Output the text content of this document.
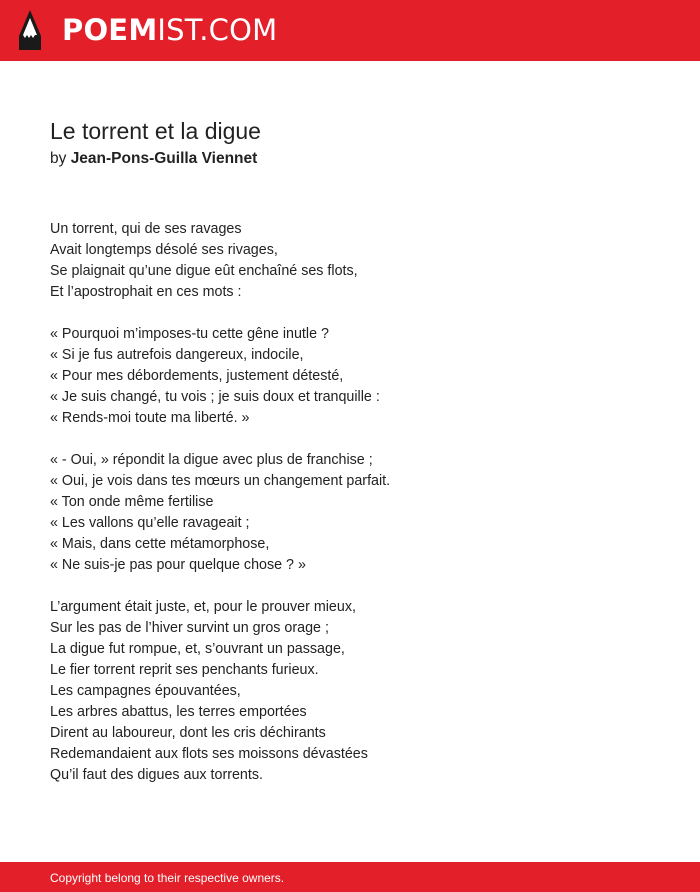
POEMIST.COM
Le torrent et la digue
by Jean-Pons-Guilla Viennet
Un torrent, qui de ses ravages
Avait longtemps désolé ses rivages,
Se plaignait qu’une digue eût enchaîné ses flots,
Et l’apostrophait en ces mots :
« Pourquoi m’imposes-tu cette gêne inutle ?
« Si je fus autrefois dangereux, indocile,
« Pour mes débordements, justement détesté,
« Je suis changé, tu vois ; je suis doux et tranquille :
« Rends-moi toute ma liberté. »
« - Oui, » répondit la digue avec plus de franchise ;
« Oui, je vois dans tes mœurs un changement parfait.
« Ton onde même fertilise
« Les vallons qu’elle ravageait ;
« Mais, dans cette métamorphose,
« Ne suis-je pas pour quelque chose ? »
L’argument était juste, et, pour le prouver mieux,
Sur les pas de l’hiver survint un gros orage ;
La digue fut rompue, et, s’ouvrant un passage,
Le fier torrent reprit ses penchants furieux.
Les campagnes épouvantées,
Les arbres abattus, les terres emportées
Dirent au laboureur, dont les cris déchirants
Redemandaient aux flots ses moissons dévastées
Qu’il faut des digues aux torrents.
Copyright belong to their respective owners.
